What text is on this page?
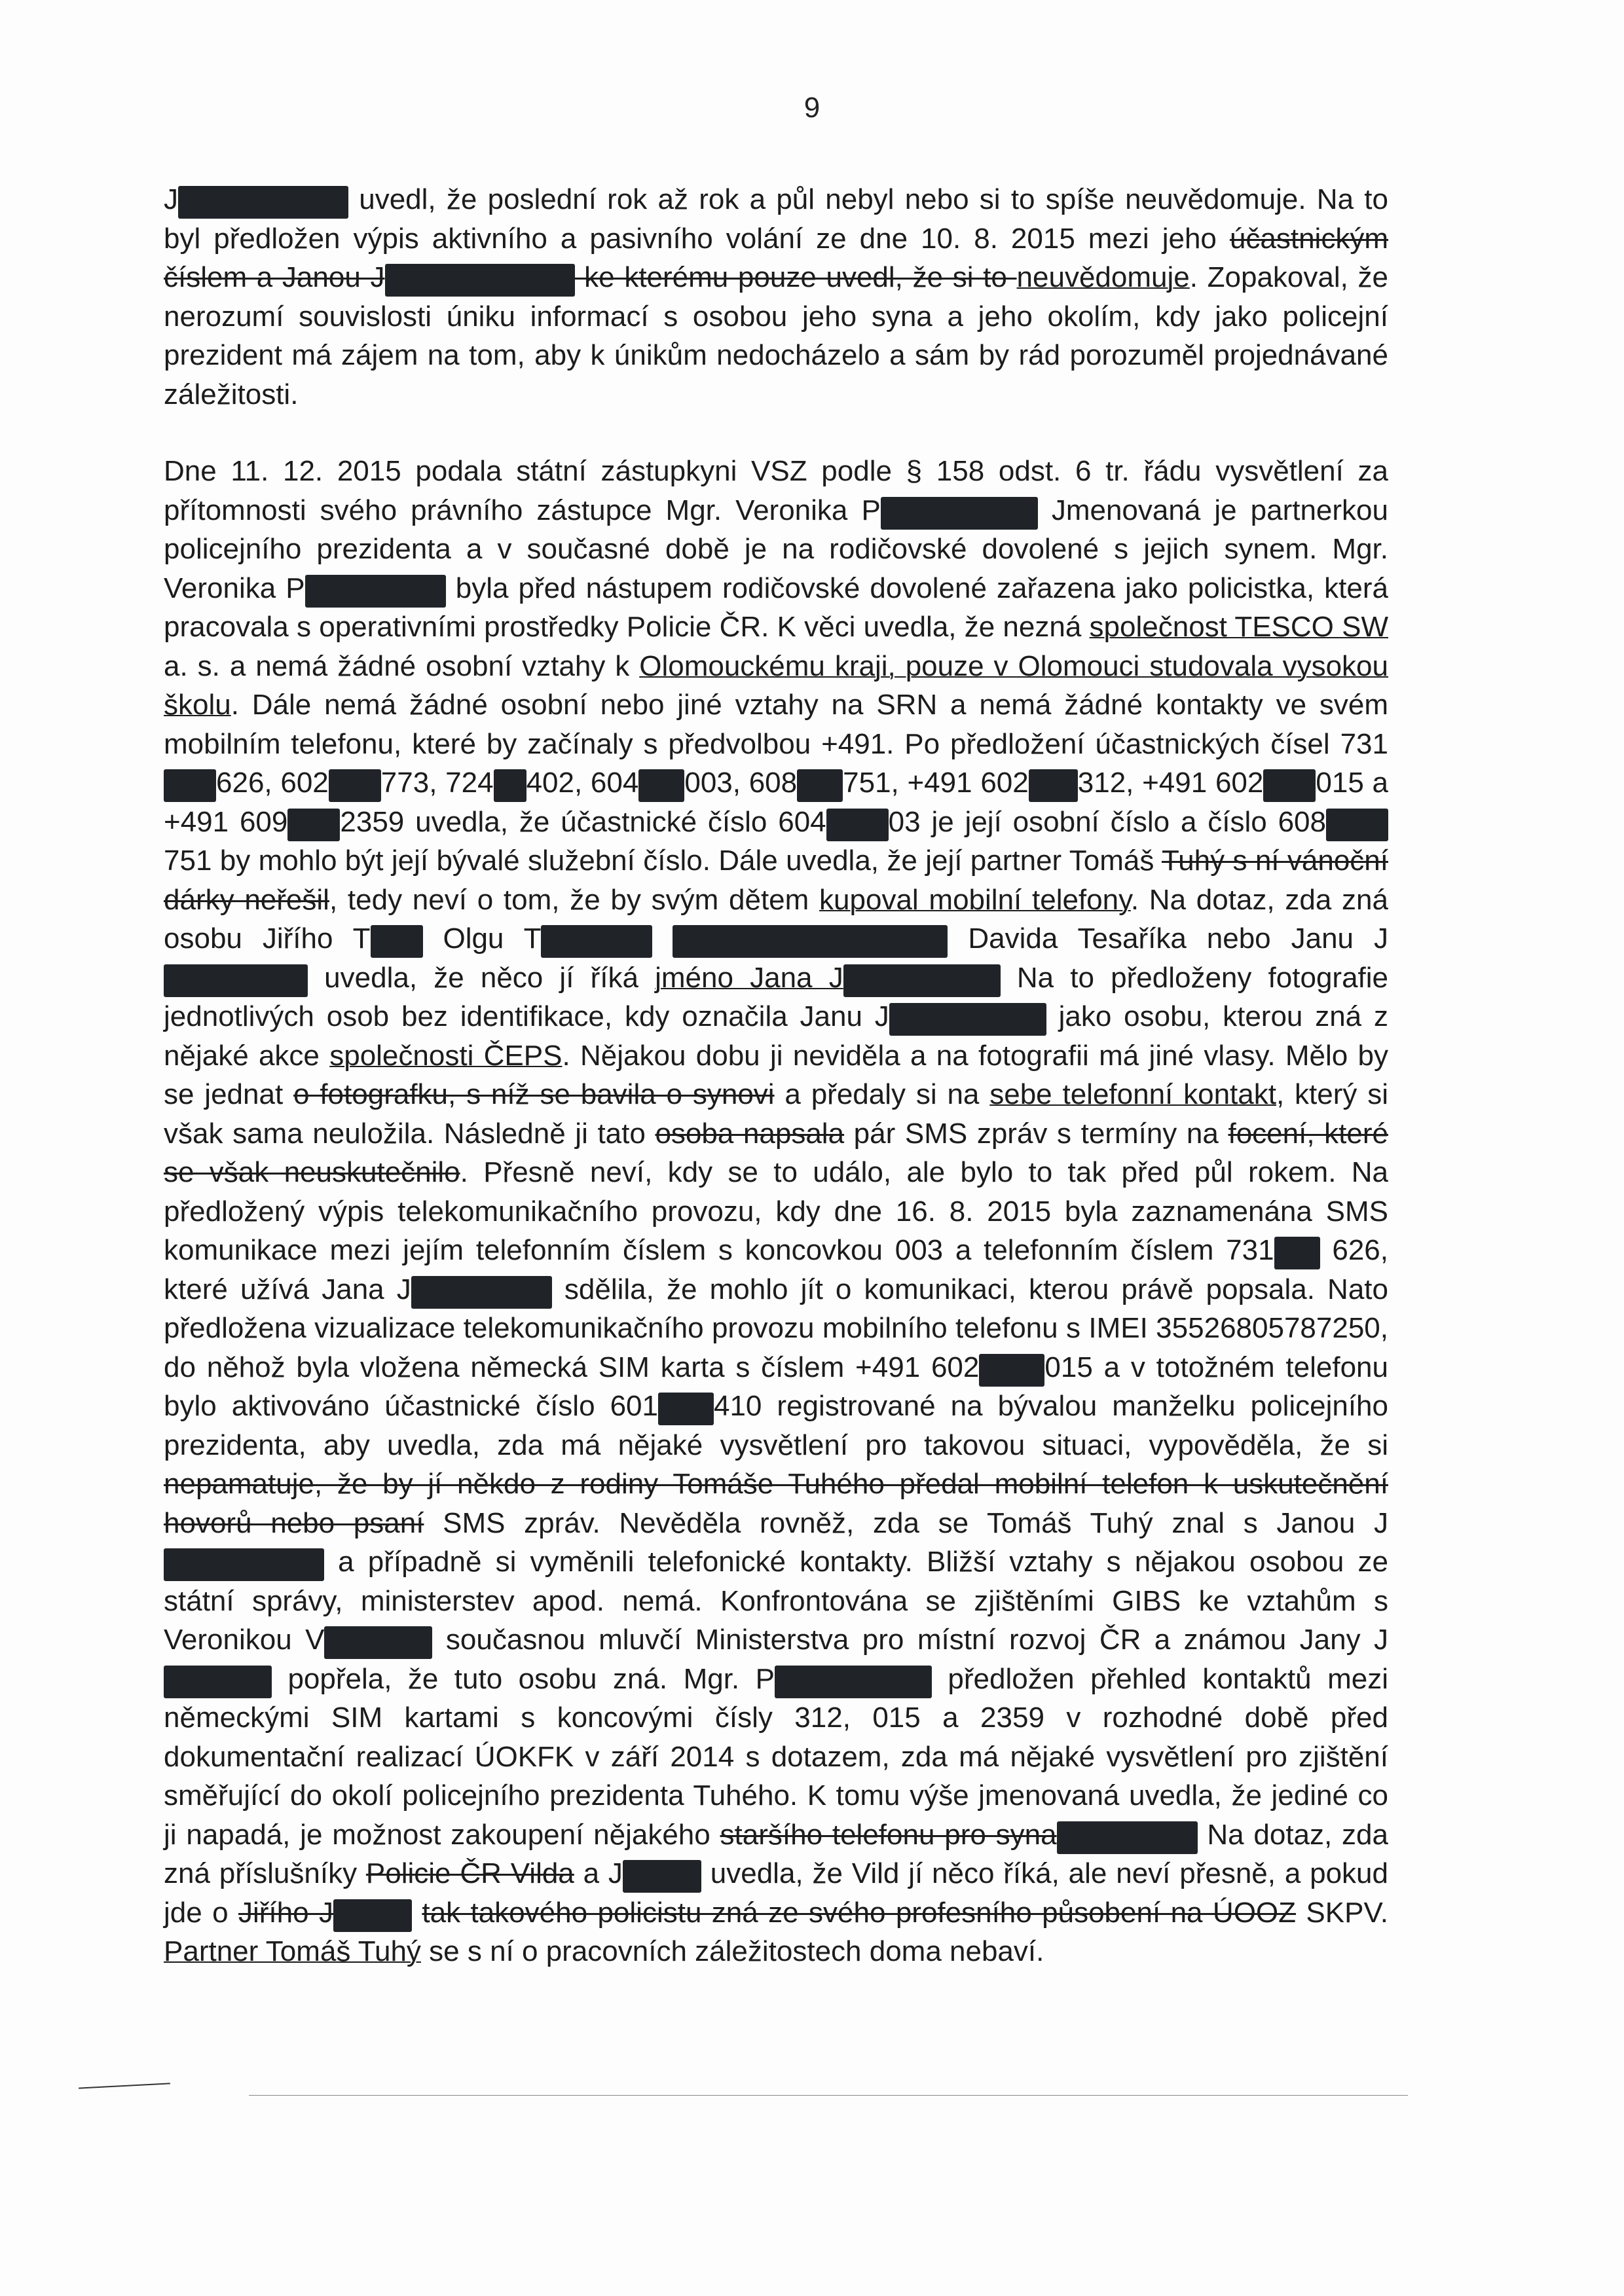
9

J	uvedl, že poslední rok až rok a půl nebyl nebo si to spíše neuvědomuje. Na to byl předložen výpis aktivního a pasivního volání ze dne 10. 8. 2015 mezi jeho účastnickým číslem a Janou J	ke kterému pouze uvedl, že si to neuvědomuje. Zopakoval, že nerozumí souvislosti úniku informací s osobou jeho syna a jeho okolím, kdy jako policejní prezident má zájem na tom, aby k únikům nedocházelo a sám by rád porozuměl projednávané záležitosti.

Dne 11. 12. 2015 podala státní zástupkyni VSZ podle § 158 odst. 6 tr. řádu vysvětlení za přítomnosti svého právního zástupce Mgr. Veronika P	Jmenovaná je partnerkou policejního prezidenta a v současné době je na rodičovské dovolené s jejich synem. Mgr. Veronika P	byla před nástupem rodičovské dovolené zařazena jako policistka, která pracovala s operativními prostředky Policie ČR. K věci uvedla, že nezná společnost TESCO SW a. s. a nemá žádné osobní vztahy k Olomouckému kraji, pouze v Olomouci studovala vysokou školu. Dále nemá žádné osobní nebo jiné vztahy na SRN a nemá žádné kontakty ve svém mobilním telefonu, které by začínaly s předvolbou +491. Po předložení účastnických čísel 731 626, 602 773, 724 402, 604 003, 608 751, +491 602 312, +491 602 015 a +491 609 2359 uvedla, že účastnické číslo 604 03 je její osobní číslo a číslo 608 751 by mohlo být její bývalé služební číslo. Dále uvedla, že její partner Tomáš Tuhý s ní vánoční dárky neřešil, tedy neví o tom, že by svým dětem kupoval mobilní telefony. Na dotaz, zda zná osobu Jiřího T  Olgu T	Davida Tesaříka nebo Janu J  uvedla, že něco jí říká jméno Jana J	Na to předloženy fotografie jednotlivých osob bez identifikace, kdy označila Janu J	jako osobu, kterou zná z nějaké akce společnosti ČEPS. Nějakou dobu ji neviděla a na fotografii má jiné vlasy. Mělo by se jednat o fotografku, s níž se bavila o synovi a předaly si na sebe telefonní kontakt, který si však sama neuložila. Následně ji tato osoba napsala pár SMS zpráv s termíny na focení, které se však neuskutečnilo. Přesně neví, kdy se to událo, ale bylo to tak před půl rokem. Na předložený výpis telekomunikačního provozu, kdy dne 16. 8. 2015 byla zaznamenána SMS komunikace mezi jejím telefonním číslem s koncovkou 003 a telefonním číslem 731  626, které užívá Jana J	sdělila, že mohlo jít o komunikaci, kterou právě popsala. Nato předložena vizualizace telekomunikačního provozu mobilního telefonu s IMEI 35526805787250, do něhož byla vložena německá SIM karta s číslem +491 602 015 a v totožném telefonu bylo aktivováno účastnické číslo 601 410 registrované na bývalou manželku policejního prezidenta, aby uvedla, zda má nějaké vysvětlení pro takovou situaci, vypověděla, že si nepamatuje, že by jí někdo z rodiny Tomáše Tuhého předal mobilní telefon k uskutečnění hovorů nebo psaní SMS zpráv. Nevěděla rovněž, zda se Tomáš Tuhý znal s Janou J  a případně si vyměnili telefonické kontakty. Bližší vztahy s nějakou osobou ze státní správy, ministerstev apod. nemá. Konfrontována se zjištěními GIBS ke vztahům s Veronikou V	současnou mluvčí Ministerstva pro místní rozvoj ČR a známou Jany J  popřela, že tuto osobu zná. Mgr. P	předložen přehled kontaktů mezi německými SIM kartami s koncovými čísly 312, 015 a 2359 v rozhodné době před dokumentační realizací ÚOKFK v září 2014 s dotazem, zda má nějaké vysvětlení pro zjištění směřující do okolí policejního prezidenta Tuhého. K tomu výše jmenovaná uvedla, že jediné co ji napadá, je možnost zakoupení nějakého staršího telefonu pro syna	Na dotaz, zda zná příslušníky Policie ČR Vilda a J	uvedla, že Vild jí něco říká, ale neví přesně, a pokud jde o Jiřího J	tak takového policistu zná ze svého profesního působení na ÚOOZ SKPV. Partner Tomáš Tuhý se s ní o pracovních záležitostech doma nebaví.
